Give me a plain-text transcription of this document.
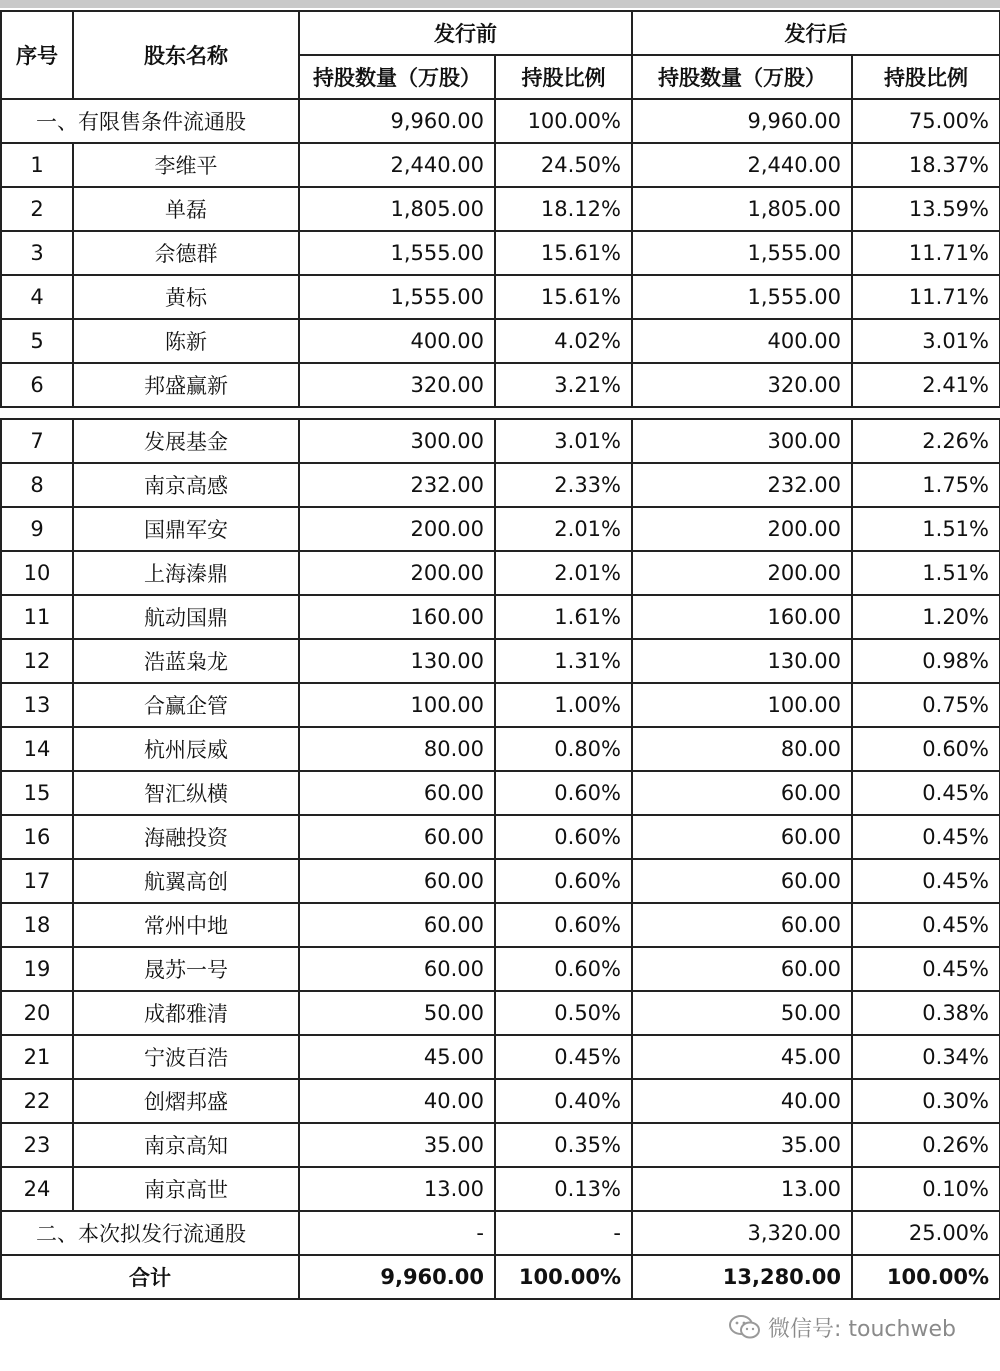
序号	股东名称	发行前		发行后	
		持股数量（万股）	持股比例	持股数量（万股）	持股比例
一、有限售条件流通股		9,960.00	100.00%	9,960.00	75.00%
1	李维平	2,440.00	24.50%	2,440.00	18.37%
2	单磊	1,805.00	18.12%	1,805.00	13.59%
3	佘德群	1,555.00	15.61%	1,555.00	11.71%
4	黄标	1,555.00	15.61%	1,555.00	11.71%
5	陈新	400.00	4.02%	400.00	3.01%
6	邦盛赢新	320.00	3.21%	320.00	2.41%
7	发展基金	300.00	3.01%	300.00	2.26%
8	南京高感	232.00	2.33%	232.00	1.75%
9	国鼎军安	200.00	2.01%	200.00	1.51%
10	上海溱鼎	200.00	2.01%	200.00	1.51%
11	航动国鼎	160.00	1.61%	160.00	1.20%
12	浩蓝枭龙	130.00	1.31%	130.00	0.98%
13	合赢企管	100.00	1.00%	100.00	0.75%
14	杭州辰威	80.00	0.80%	80.00	0.60%
15	智汇纵横	60.00	0.60%	60.00	0.45%
16	海融投资	60.00	0.60%	60.00	0.45%
17	航翼高创	60.00	0.60%	60.00	0.45%
18	常州中地	60.00	0.60%	60.00	0.45%
19	晟苏一号	60.00	0.60%	60.00	0.45%
20	成都雅清	50.00	0.50%	50.00	0.38%
21	宁波百浩	45.00	0.45%	45.00	0.34%
22	创熠邦盛	40.00	0.40%	40.00	0.30%
23	南京高知	35.00	0.35%	35.00	0.26%
24	南京高世	13.00	0.13%	13.00	0.10%
二、本次拟发行流通股		-	-	3,320.00	25.00%
合计		9,960.00	100.00%	13,280.00	100.00%
微信号: touchweb
